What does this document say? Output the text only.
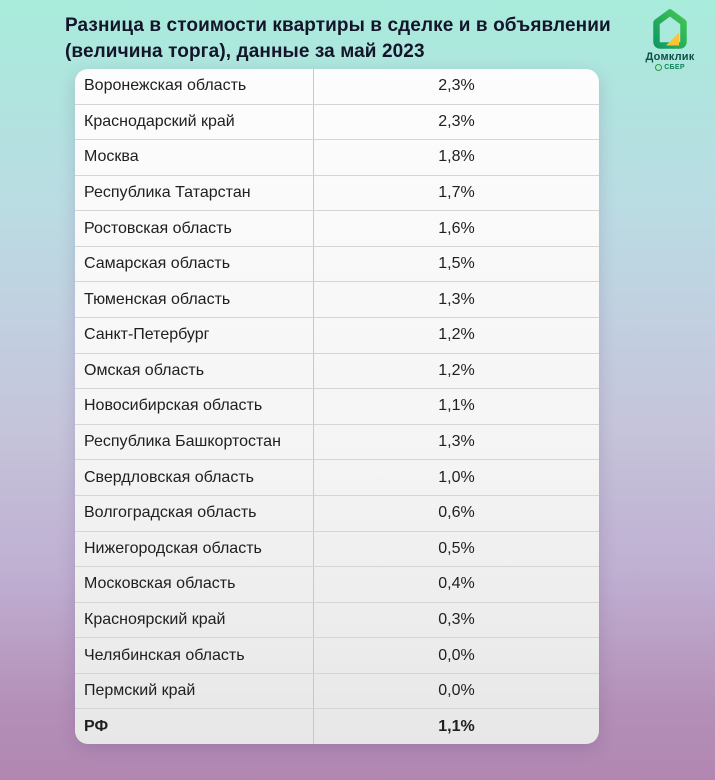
Разница в стоимости квартиры в сделке и в объявлении
(величина торга), данные за май 2023	Домклик
СБЕР
Воронежская область	2,3%
Краснодарский край	2,3%
Москва	1,8%
Республика Татарстан	1,7%
Ростовская область	1,6%
Самарская область	1,5%
Тюменская область	1,3%
Санкт-Петербург	1,2%
Омская область	1,2%
Новосибирская область	1,1%
Республика Башкортостан	1,3%
Свердловская область	1,0%
Волгоградская область	0,6%
Нижегородская область	0,5%
Московская область	0,4%
Красноярский край	0,3%
Челябинская область	0,0%
Пермский край	0,0%
РФ	1,1%
